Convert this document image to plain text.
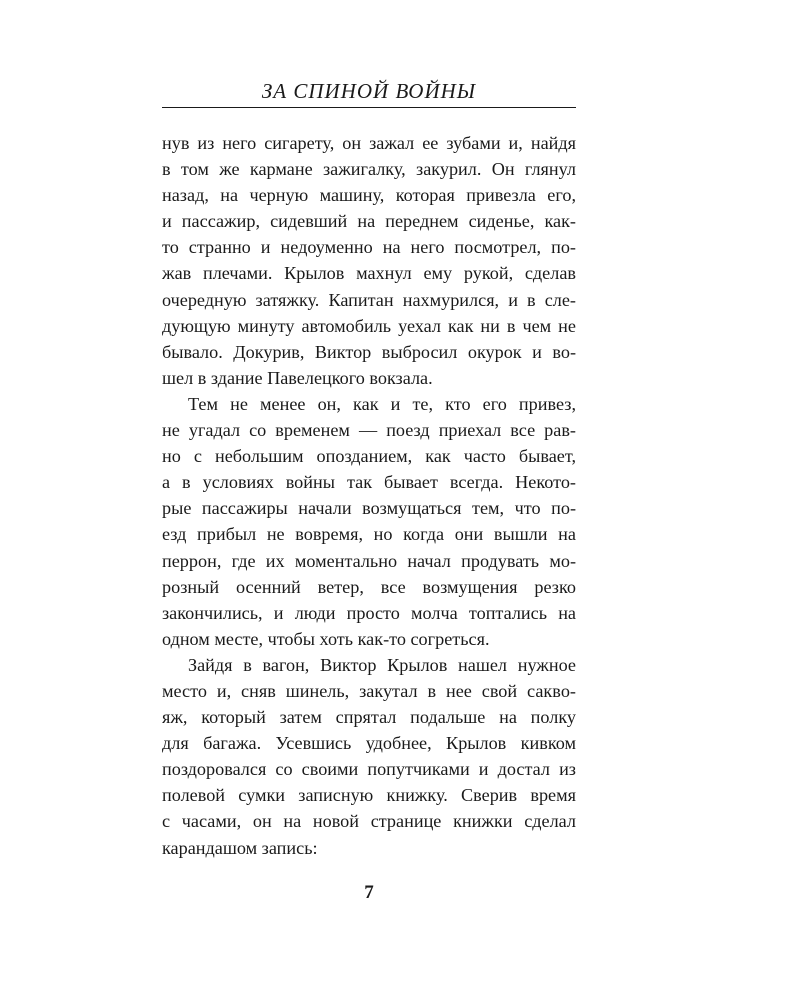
ЗА СПИНОЙ ВОЙНЫ
нув из него сигарету, он зажал ее зубами и, найдя
в том же кармане зажигалку, закурил. Он глянул
назад, на черную машину, которая привезла его,
и пассажир, сидевший на переднем сиденье, как-
то странно и недоуменно на него посмотрел, по-
жав плечами. Крылов махнул ему рукой, сделав
очередную затяжку. Капитан нахмурился, и в сле-
дующую минуту автомобиль уехал как ни в чем не
бывало. Докурив, Виктор выбросил окурок и во-
шел в здание Павелецкого вокзала.
Тем не менее он, как и те, кто его привез,
не угадал со временем — поезд приехал все рав-
но с небольшим опозданием, как часто бывает,
а в условиях войны так бывает всегда. Некото-
рые пассажиры начали возмущаться тем, что по-
езд прибыл не вовремя, но когда они вышли на
перрон, где их моментально начал продувать мо-
розный осенний ветер, все возмущения резко
закончились, и люди просто молча топтались на
одном месте, чтобы хоть как-то согреться.
Зайдя в вагон, Виктор Крылов нашел нужное
место и, сняв шинель, закутал в нее свой саквo-
яж, который затем спрятал подальше на полку
для багажа. Усевшись удобнее, Крылов кивком
поздоровался со своими попутчиками и достал из
полевой сумки записную книжку. Сверив время
с часами, он на новой странице книжки сделал
карандашом запись:
7
